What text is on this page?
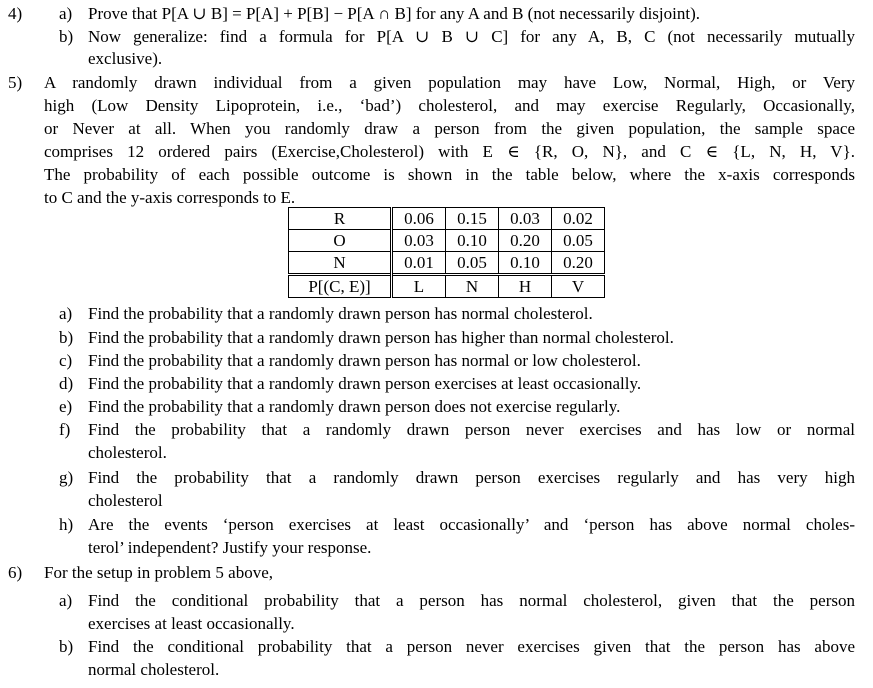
4) a) Prove that P[A ∪ B] = P[A] + P[B] − P[A ∩ B] for any A and B (not necessarily disjoint).
b) Now generalize: find a formula for P[A ∪ B ∪ C] for any A, B, C (not necessarily mutually
exclusive).
5) A randomly drawn individual from a given population may have Low, Normal, High, or Very
high (Low Density Lipoprotein, i.e., ‘bad’) cholesterol, and may exercise Regularly, Occasionally,
or Never at all. When you randomly draw a person from the given population, the sample space
comprises 12 ordered pairs (Exercise,Cholesterol) with E ∈ {R, O, N}, and C ∈ {L, N, H, V}.
The probability of each possible outcome is shown in the table below, where the x-axis corresponds
to C and the y-axis corresponds to E.
R	0.06	0.15	0.03	0.02
O	0.03	0.10	0.20	0.05
N	0.01	0.05	0.10	0.20
P[(C, E)]	L	N	H	V
a) Find the probability that a randomly drawn person has normal cholesterol.
b) Find the probability that a randomly drawn person has higher than normal cholesterol.
c) Find the probability that a randomly drawn person has normal or low cholesterol.
d) Find the probability that a randomly drawn person exercises at least occasionally.
e) Find the probability that a randomly drawn person does not exercise regularly.
f) Find the probability that a randomly drawn person never exercises and has low or normal
cholesterol.
g) Find the probability that a randomly drawn person exercises regularly and has very high
cholesterol
h) Are the events ‘person exercises at least occasionally’ and ‘person has above normal choles-
terol’ independent? Justify your response.
6) For the setup in problem 5 above,
a) Find the conditional probability that a person has normal cholesterol, given that the person
exercises at least occasionally.
b) Find the conditional probability that a person never exercises given that the person has above
normal cholesterol.
